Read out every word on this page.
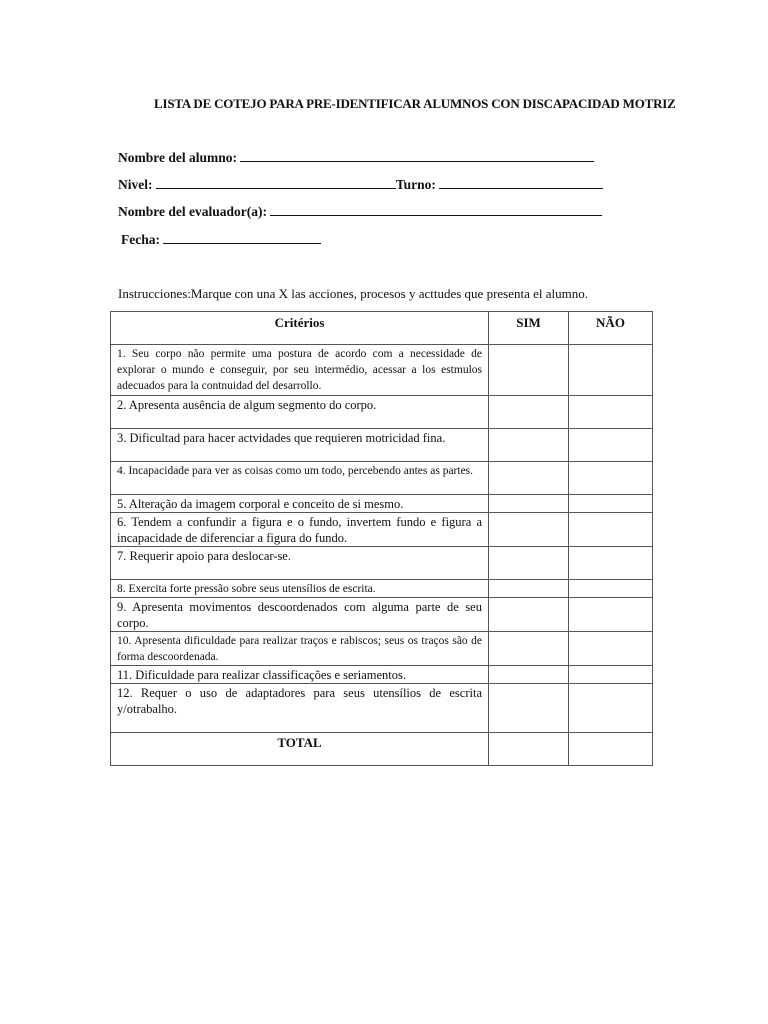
LISTA DE COTEJO PARA PRE-IDENTIFICAR ALUMNOS CON DISCAPACIDAD MOTRIZ
Nombre del alumno:
Nivel:	Turno:
Nombre del evaluador(a):
Fecha:
Instrucciones:Marque con una X las acciones, procesos y acttudes que presenta el alumno.
Critérios	SIM	NÃO
1. Seu corpo não permite uma postura de acordo com a necessidade de explorar o mundo e conseguir, por seu intermédio, acessar a los estmulos adecuados para la contnuidad del desarrollo.		
2. Apresenta ausência de algum segmento do corpo.		
3. Dificultad para hacer actvidades que requieren motricidad fina.		
4. Incapacidade para ver as coisas como um todo, percebendo antes as partes.		
5. Alteração da imagem corporal e conceito de si mesmo.		
6. Tendem a confundir a figura e o fundo, invertem fundo e figura a incapacidade de diferenciar a figura do fundo.		
7. Requerir apoio para deslocar-se.		
8. Exercita forte pressão sobre seus utensílios de escrita.		
9. Apresenta movimentos descoordenados com alguma parte de seu corpo.		
10. Apresenta dificuldade para realizar traços e rabiscos; seus os traços são de forma descoordenada.		
11. Dificuldade para realizar classificações e seriamentos.		
12. Requer o uso de adaptadores para seus utensílios de escrita y/otrabalho.		
TOTAL		
